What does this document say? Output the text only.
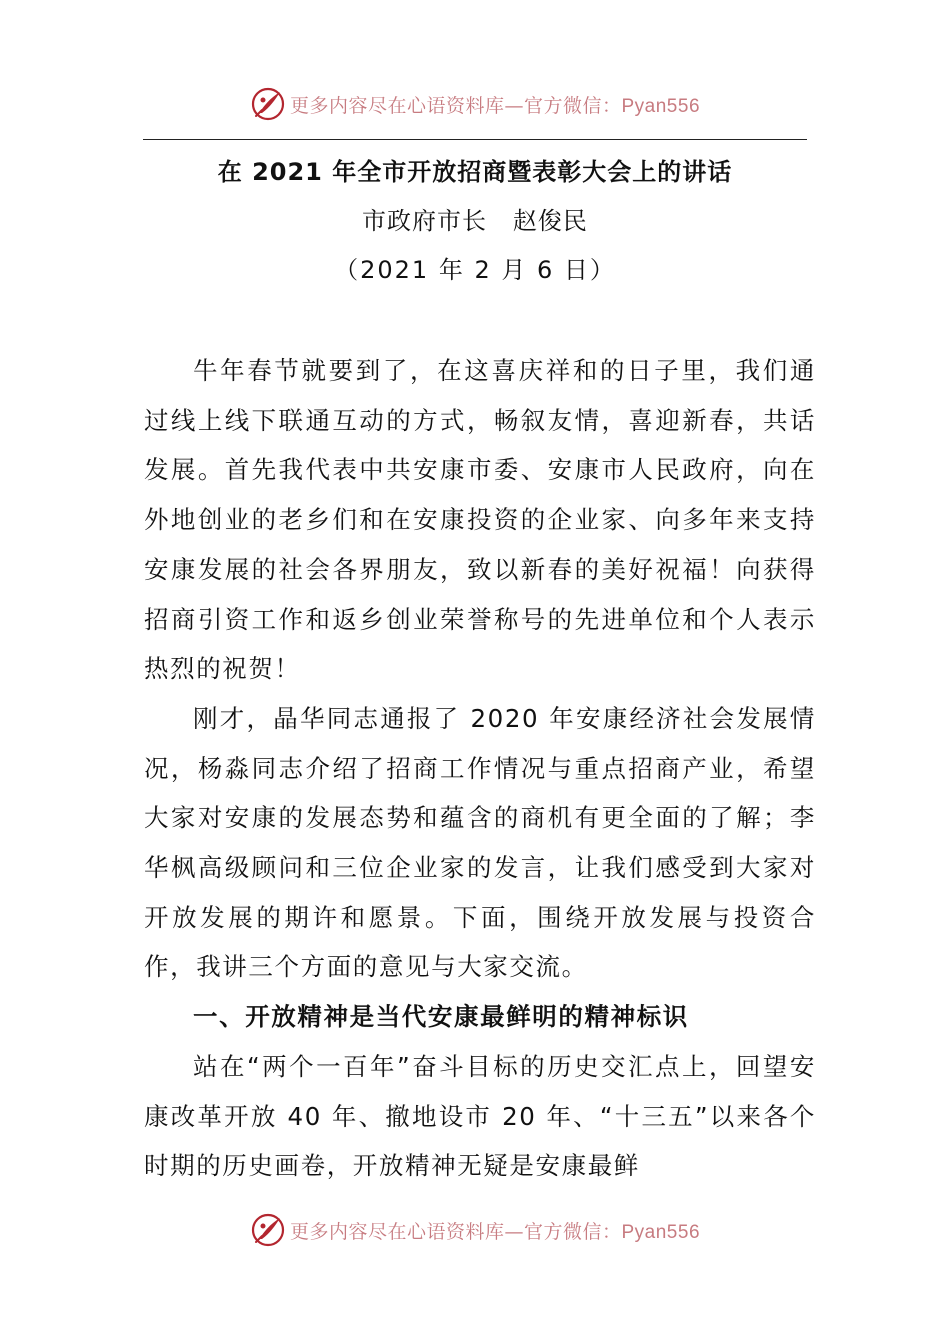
更多内容尽在心语资料库—官方微信：Pyan556
在 2021 年全市开放招商暨表彰大会上的讲话
市政府市长   赵俊民
（2021 年 2 月 6 日）

牛年春节就要到了，在这喜庆祥和的日子里，我们通过线上线下联通互动的方式，畅叙友情，喜迎新春，共话发展。首先我代表中共安康市委、安康市人民政府，向在外地创业的老乡们和在安康投资的企业家、向多年来支持安康发展的社会各界朋友，致以新春的美好祝福！向获得招商引资工作和返乡创业荣誉称号的先进单位和个人表示热烈的祝贺！

刚才，晶华同志通报了 2020 年安康经济社会发展情况，杨淼同志介绍了招商工作情况与重点招商产业，希望大家对安康的发展态势和蕴含的商机有更全面的了解；李华枫高级顾问和三位企业家的发言，让我们感受到大家对开放发展的期许和愿景。下面，围绕开放发展与投资合作，我讲三个方面的意见与大家交流。

一、开放精神是当代安康最鲜明的精神标识

站在“两个一百年”奋斗目标的历史交汇点上，回望安康改革开放 40 年、撤地设市 20 年、“十三五”以来各个时期的历史画卷，开放精神无疑是安康最鲜

更多内容尽在心语资料库—官方微信：Pyan556
